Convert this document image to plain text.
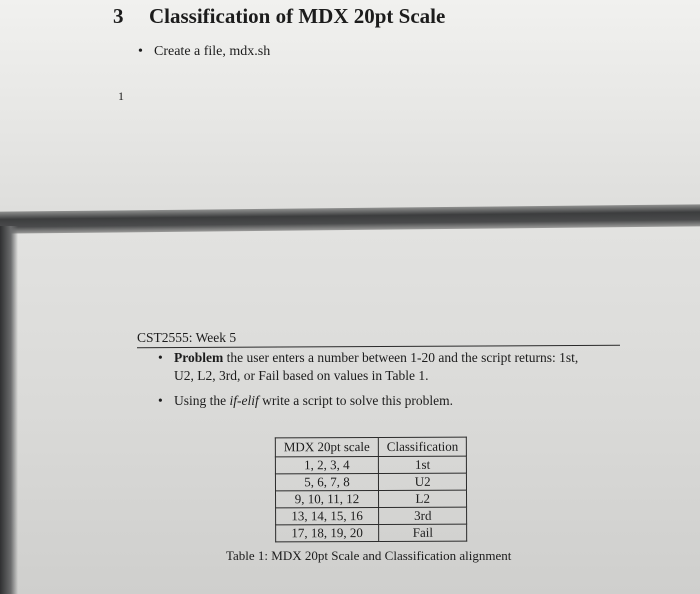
3 Classification of MDX 20pt Scale
• Create a file, mdx.sh
1
CST2555: Week 5
• Problem the user enters a number between 1-20 and the script returns: 1st,
U2, L2, 3rd, or Fail based on values in Table 1.
• Using the if-elif write a script to solve this problem.
MDX 20pt scale	Classification
1, 2, 3, 4	1st
5, 6, 7, 8	U2
9, 10, 11, 12	L2
13, 14, 15, 16	3rd
17, 18, 19, 20	Fail
Table 1: MDX 20pt Scale and Classification alignment
